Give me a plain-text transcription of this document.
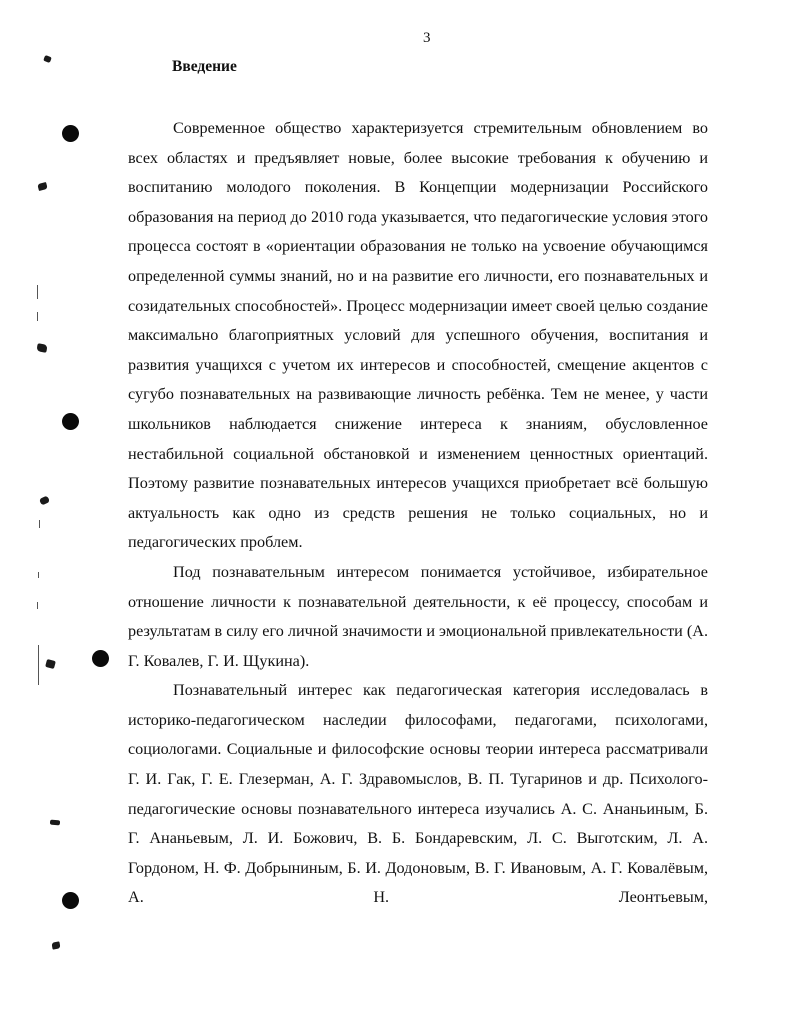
3
Введение

Современное общество характеризуется стремительным обновлением во всех областях и предъявляет новые, более высокие требования к обучению и воспитанию молодого поколения. В Концепции модернизации Российского образования на период до 2010 года указывается, что педагогические условия этого процесса состоят в «ориентации образования не только на усвоение обучающимся определенной суммы знаний, но и на развитие его личности, его познавательных и созидательных способностей». Процесс модернизации имеет своей целью создание максимально благоприятных условий для успешного обучения, воспитания и развития учащихся с учетом их интересов и способностей, смещение акцентов с сугубо познавательных на развивающие личность ребёнка. Тем не менее, у части школьников наблюдается снижение интереса к знаниям, обусловленное нестабильной социальной обстановкой и изменением ценностных ориентаций. Поэтому развитие познавательных интересов учащихся приобретает всё большую актуальность как одно из средств решения не только социальных, но и педагогических проблем.

Под познавательным интересом понимается устойчивое, избирательное отношение личности к познавательной деятельности, к её процессу, способам и результатам в силу его личной значимости и эмоциональной привлекательности (А. Г. Ковалев, Г. И. Щукина).

Познавательный интерес как педагогическая категория исследовалась в историко-педагогическом наследии философами, педагогами, психологами, социологами. Социальные и философские основы теории интереса рассматривали Г. И. Гак, Г. Е. Глезерман, А. Г. Здравомыслов, В. П. Тугаринов и др. Психолого-педагогические основы познавательного интереса изучались А. С. Ананьиным, Б. Г. Ананьевым, Л. И. Божович, В. Б. Бондаревским, Л. С. Выготским, Л. А. Гордоном, Н. Ф. Добрыниным, Б. И. Додоновым, В. Г. Ивановым, А. Г. Ковалёвым, А. Н. Леонтьевым,
